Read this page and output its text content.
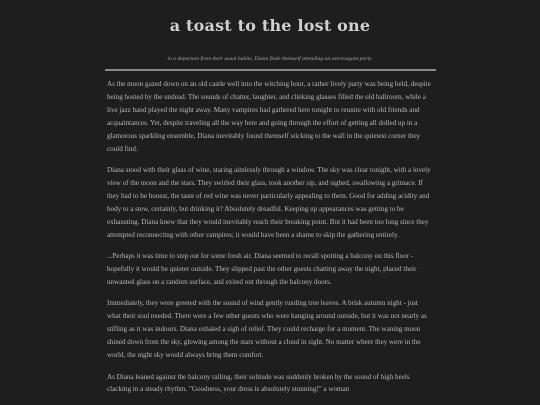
a toast to the lost one
in a departure from their usual habits, Diana finds themself attending an extravagant party.

As the moon gazed down on an old castle well into the witching hour, a rather lively party was being held, despite being hosted by the undead. The sounds of chatter, laughter, and clinking glasses filled the old ballroom, while a live jazz band played the night away. Many vampires had gathered here tonight to reunite with old friends and acquaintances. Yet, despite traveling all the way here and going through the effort of getting all dolled up in a glamorous sparkling ensemble, Diana inevitably found themself sticking to the wall in the quietest corner they could find.

Diana stood with their glass of wine, staring aimlessly through a window. The sky was clear tonight, with a lovely view of the moon and the stars. They swirled their glass, took another sip, and sighed, swallowing a grimace. If they had to be honest, the taste of red wine was never particularly appealing to them. Good for adding acidity and body to a stew, certainly, but drinking it? Absolutely dreadful. Keeping up appearances was getting to be exhausting. Diana knew that they would inevitably reach their breaking point. But it had been too long since they attempted reconnecting with other vampires; it would have been a shame to skip the gathering entirely.

...Perhaps it was time to step out for some fresh air. Diana seemed to recall spotting a balcony on this floor - hopefully it would be quieter outside. They slipped past the other guests chatting away the night, placed their unwanted glass on a random surface, and exited out through the balcony doors.

Immediately, they were greeted with the sound of wind gently rustling tree leaves. A brisk autumn night - just what their soul needed. There were a few other guests who were hanging around outside, but it was not nearly as stifling as it was indoors. Diana exhaled a sigh of relief. They could recharge for a moment. The waning moon shined down from the sky, glowing among the stars without a cloud in sight. No matter where they were in the world, the night sky would always bring them comfort.

As Diana leaned against the balcony railing, their solitude was suddenly broken by the sound of high heels clacking in a steady rhythm. "Goodness, your dress is absolutely stunning!" a woman
